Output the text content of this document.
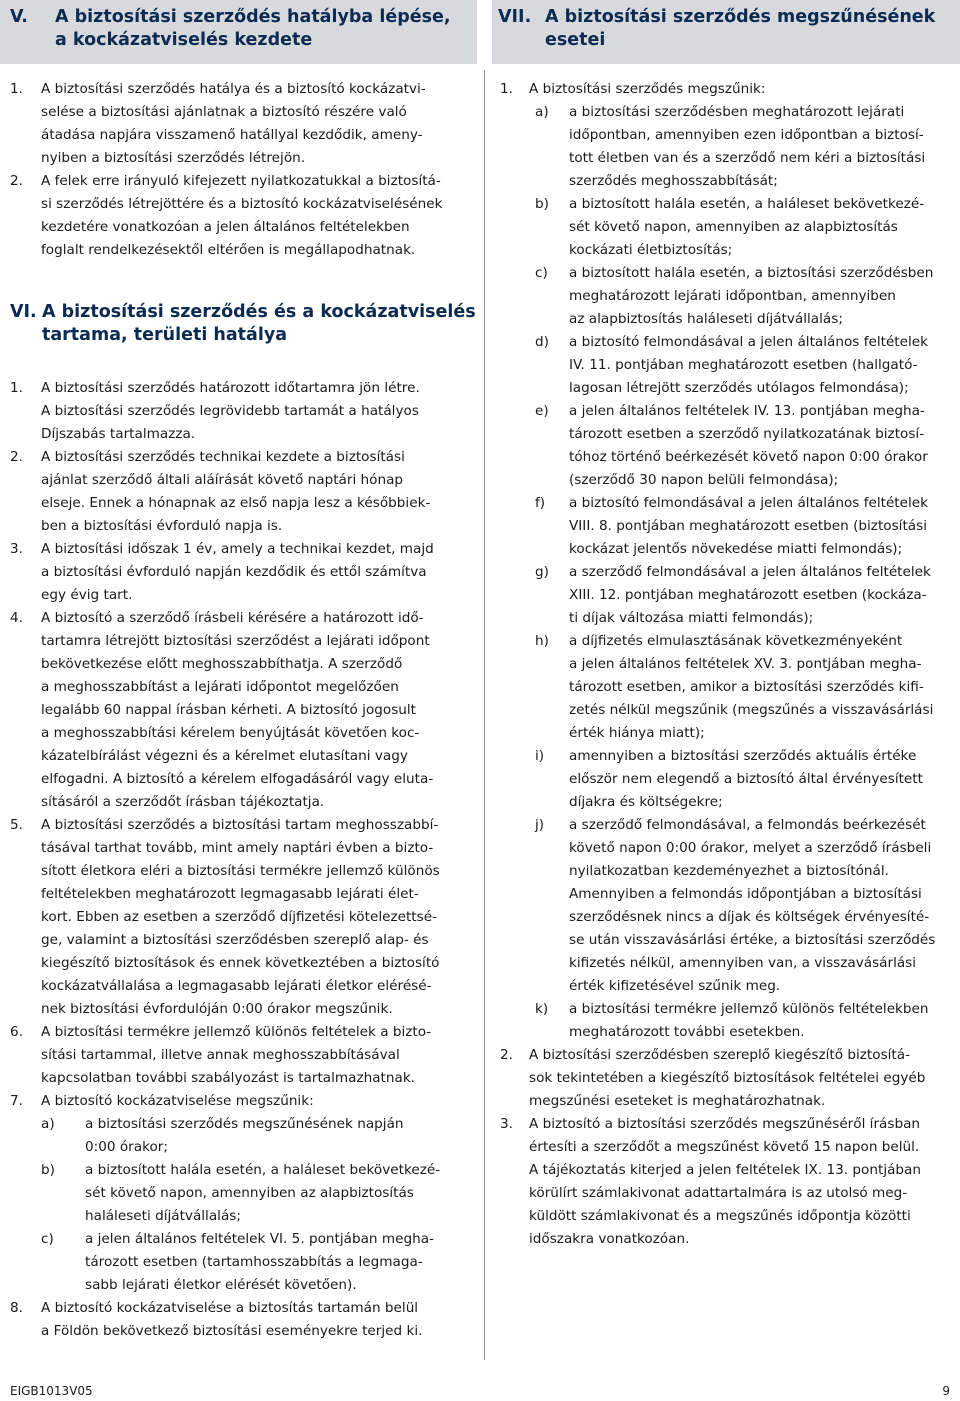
V. A biztosítási szerződés hatályba lépése,
a kockázatviselés kezdete
1.	A biztosítási szerződés hatálya és a biztosító kockázatvi-
selése a biztosítási ajánlatnak a biztosító részére való
átadása napjára visszamenő hatállyal kezdődik, ameny-
nyiben a biztosítási szerződés létrejön.

2.	A felek erre irányuló kifejezett nyilatkozatukkal a biztosítá-
si szerződés létrejöttére és a biztosító kockázatviselésének
kezdetére vonatkozóan a jelen általános feltételekben
foglalt rendelkezésektől eltérően is megállapodhatnak.

VI. A biztosítási szerződés és a kockázatviselés
tartama, területi hatálya
1.	A biztosítási szerződés határozott időtartamra jön létre.
A biztosítási szerződés legrövidebb tartamát a hatályos
Díjszabás tartalmazza.

2.	A biztosítási szerződés technikai kezdete a biztosítási
ajánlat szerződő általi aláírását követő naptári hónap
elseje. Ennek a hónapnak az első napja lesz a későbbiek-
ben a biztosítási évforduló napja is.

3.	A biztosítási időszak 1 év, amely a technikai kezdet, majd
a biztosítási évforduló napján kezdődik és ettől számítva
egy évig tart.

4.	A biztosító a szerződő írásbeli kérésére a határozott idő-
tartamra létrejött biztosítási szerződést a lejárati időpont
bekövetkezése előtt meghosszabbíthatja. A szerződő
a meghosszabbítást a lejárati időpontot megelőzően
legalább 60 nappal írásban kérheti. A biztosító jogosult
a meghosszabbítási kérelem benyújtását követően koc-
kázatelbírálást végezni és a kérelmet elutasítani vagy
elfogadni. A biztosító a kérelem elfogadásáról vagy eluta-
sításáról a szerződőt írásban tájékoztatja.

5.	A biztosítási szerződés a biztosítási tartam meghosszabbí-
tásával tarthat tovább, mint amely naptári évben a bizto-
sított életkora eléri a biztosítási termékre jellemző különös
feltételekben meghatározott legmagasabb lejárati élet-
kort. Ebben az esetben a szerződő díjfizetési kötelezettsé-
ge, valamint a biztosítási szerződésben szereplő alap- és
kiegészítő biztosítások és ennek következtében a biztosító
kockázatvállalása a legmagasabb lejárati életkor elérésé-
nek biztosítási évfordulóján 0:00 órakor megszűnik.

6.	A biztosítási termékre jellemző különös feltételek a bizto-
sítási tartammal, illetve annak meghosszabbításával
kapcsolatban további szabályozást is tartalmazhatnak.

7.	A biztosító kockázatviselése megszűnik:

a) a biztosítási szerződés megszűnésének napján
0:00 órakor;

b) a biztosított halála esetén, a haláleset bekövetkezé-
sét követő napon, amennyiben az alapbiztosítás
haláleseti díjátvállalás;

c) a jelen általános feltételek VI. 5. pontjában megha-
tározott esetben (tartamhosszabbítás a legmaga-
sabb lejárati életkor elérését követően).

8.	A biztosító kockázatviselése a biztosítás tartamán belül
a Földön bekövetkező biztosítási eseményekre terjed ki.

VII. A biztosítási szerződés megszűnésének
esetei
1.	A biztosítási szerződés megszűnik:

a) a biztosítási szerződésben meghatározott lejárati
időpontban, amennyiben ezen időpontban a biztosí-
tott életben van és a szerződő nem kéri a biztosítási
szerződés meghosszabbítását;

b) a biztosított halála esetén, a haláleset bekövetkezé-
sét követő napon, amennyiben az alapbiztosítás
kockázati életbiztosítás;

c) a biztosított halála esetén, a biztosítási szerződésben
meghatározott lejárati időpontban, amennyiben
az alapbiztosítás haláleseti díjátvállalás;

d) a biztosító felmondásával a jelen általános feltételek
IV. 11. pontjában meghatározott esetben (hallgató-
lagosan létrejött szerződés utólagos felmondása);

e) a jelen általános feltételek IV. 13. pontjában megha-
tározott esetben a szerződő nyilatkozatának biztosí-
tóhoz történő beérkezését követő napon 0:00 órakor
(szerződő 30 napon belüli felmondása);

f) a biztosító felmondásával a jelen általános feltételek
VIII. 8. pontjában meghatározott esetben (biztosítási
kockázat jelentős növekedése miatti felmondás);

g) a szerződő felmondásával a jelen általános feltételek
XIII. 12. pontjában meghatározott esetben (kockáza-
ti díjak változása miatti felmondás);

h) a díjfizetés elmulasztásának következményeként
a jelen általános feltételek XV. 3. pontjában megha-
tározott esetben, amikor a biztosítási szerződés kifi-
zetés nélkül megszűnik (megszűnés a visszavásárlási
érték hiánya miatt);

i) amennyiben a biztosítási szerződés aktuális értéke
először nem elegendő a biztosító által érvényesített
díjakra és költségekre;

j) a szerződő felmondásával, a felmondás beérkezését
követő napon 0:00 órakor, melyet a szerződő írásbeli
nyilatkozatban kezdeményezhet a biztosítónál.
Amennyiben a felmondás időpontjában a biztosítási
szerződésnek nincs a díjak és költségek érvényesíté-
se után visszavásárlási értéke, a biztosítási szerződés
kifizetés nélkül, amennyiben van, a visszavásárlási
érték kifizetésével szűnik meg.

k) a biztosítási termékre jellemző különös feltételekben
meghatározott további esetekben.

2.	A biztosítási szerződésben szereplő kiegészítő biztosítá-
sok tekintetében a kiegészítő biztosítások feltételei egyéb
megszűnési eseteket is meghatározhatnak.

3.	A biztosító a biztosítási szerződés megszűnéséről írásban
értesíti a szerződőt a megszűnést követő 15 napon belül.
A tájékoztatás kiterjed a jelen feltételek IX. 13. pontjában
körülírt számlakivonat adattartalmára is az utolsó meg-
küldött számlakivonat és a megszűnés időpontja közötti
időszakra vonatkozóan.

EIGB1013V05	9
